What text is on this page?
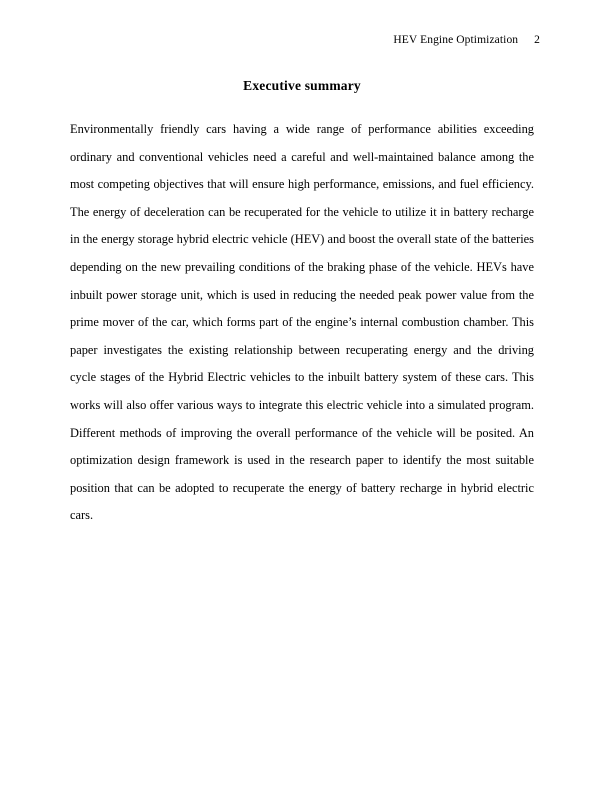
HEV Engine Optimization 2
Executive summary

Environmentally friendly cars having a wide range of performance abilities exceeding ordinary and conventional vehicles need a careful and well-maintained balance among the most competing objectives that will ensure high performance, emissions, and fuel efficiency. The energy of deceleration can be recuperated for the vehicle to utilize it in battery recharge in the energy storage hybrid electric vehicle (HEV) and boost the overall state of the batteries depending on the new prevailing conditions of the braking phase of the vehicle. HEVs have inbuilt power storage unit, which is used in reducing the needed peak power value from the prime mover of the car, which forms part of the engine’s internal combustion chamber. This paper investigates the existing relationship between recuperating energy and the driving cycle stages of the Hybrid Electric vehicles to the inbuilt battery system of these cars. This works will also offer various ways to integrate this electric vehicle into a simulated program. Different methods of improving the overall performance of the vehicle will be posited. An optimization design framework is used in the research paper to identify the most suitable position that can be adopted to recuperate the energy of battery recharge in hybrid electric cars.
